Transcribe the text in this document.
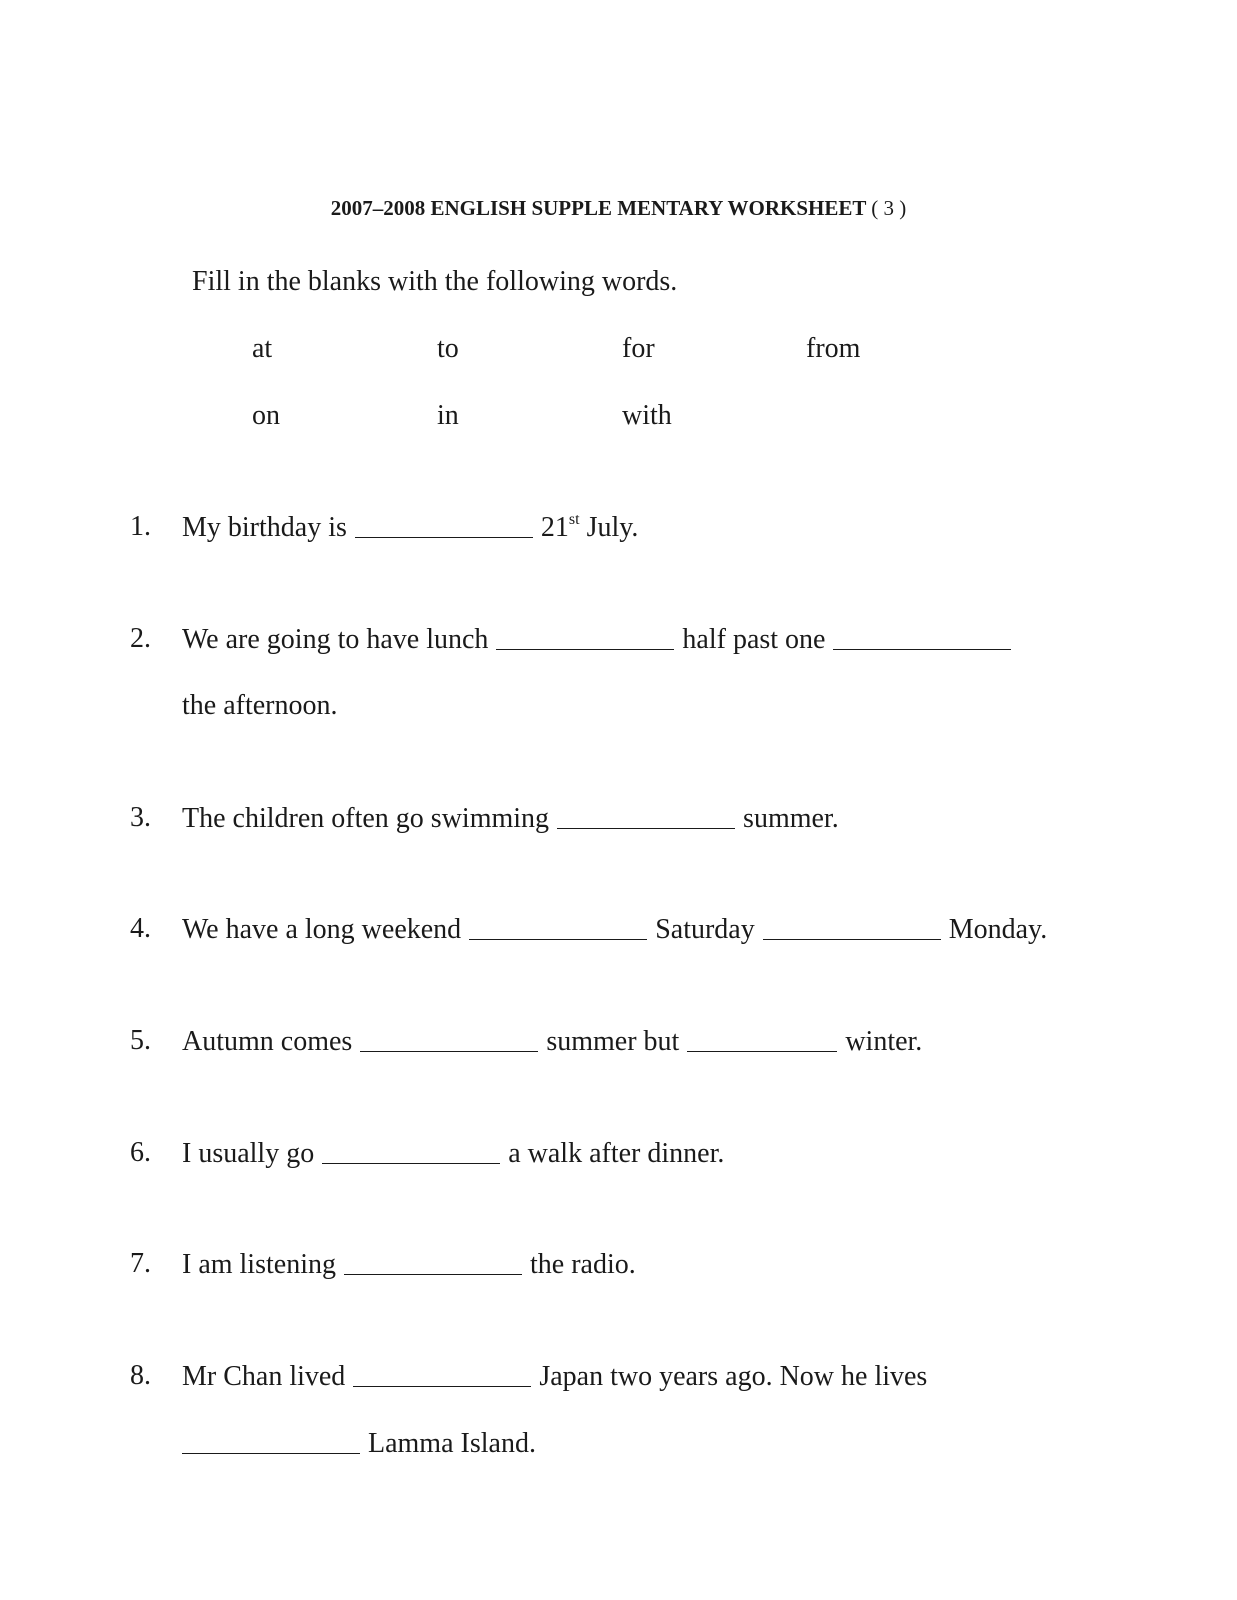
2007–2008 ENGLISH SUPPLE MENTARY WORKSHEET ( 3 )
Fill in the blanks with the following words.
at	to	for	from
on	in	with
1. My birthday is	21st July.
2. We are going to have lunch	half past one
the afternoon.
3. The children often go swimming	summer.
4. We have a long weekend	Saturday	Monday.
5. Autumn comes	summer but	winter.
6. I usually go	a walk after dinner.
7. I am listening	the radio.
8. Mr Chan lived	Japan two years ago. Now he lives
Lamma Island.
